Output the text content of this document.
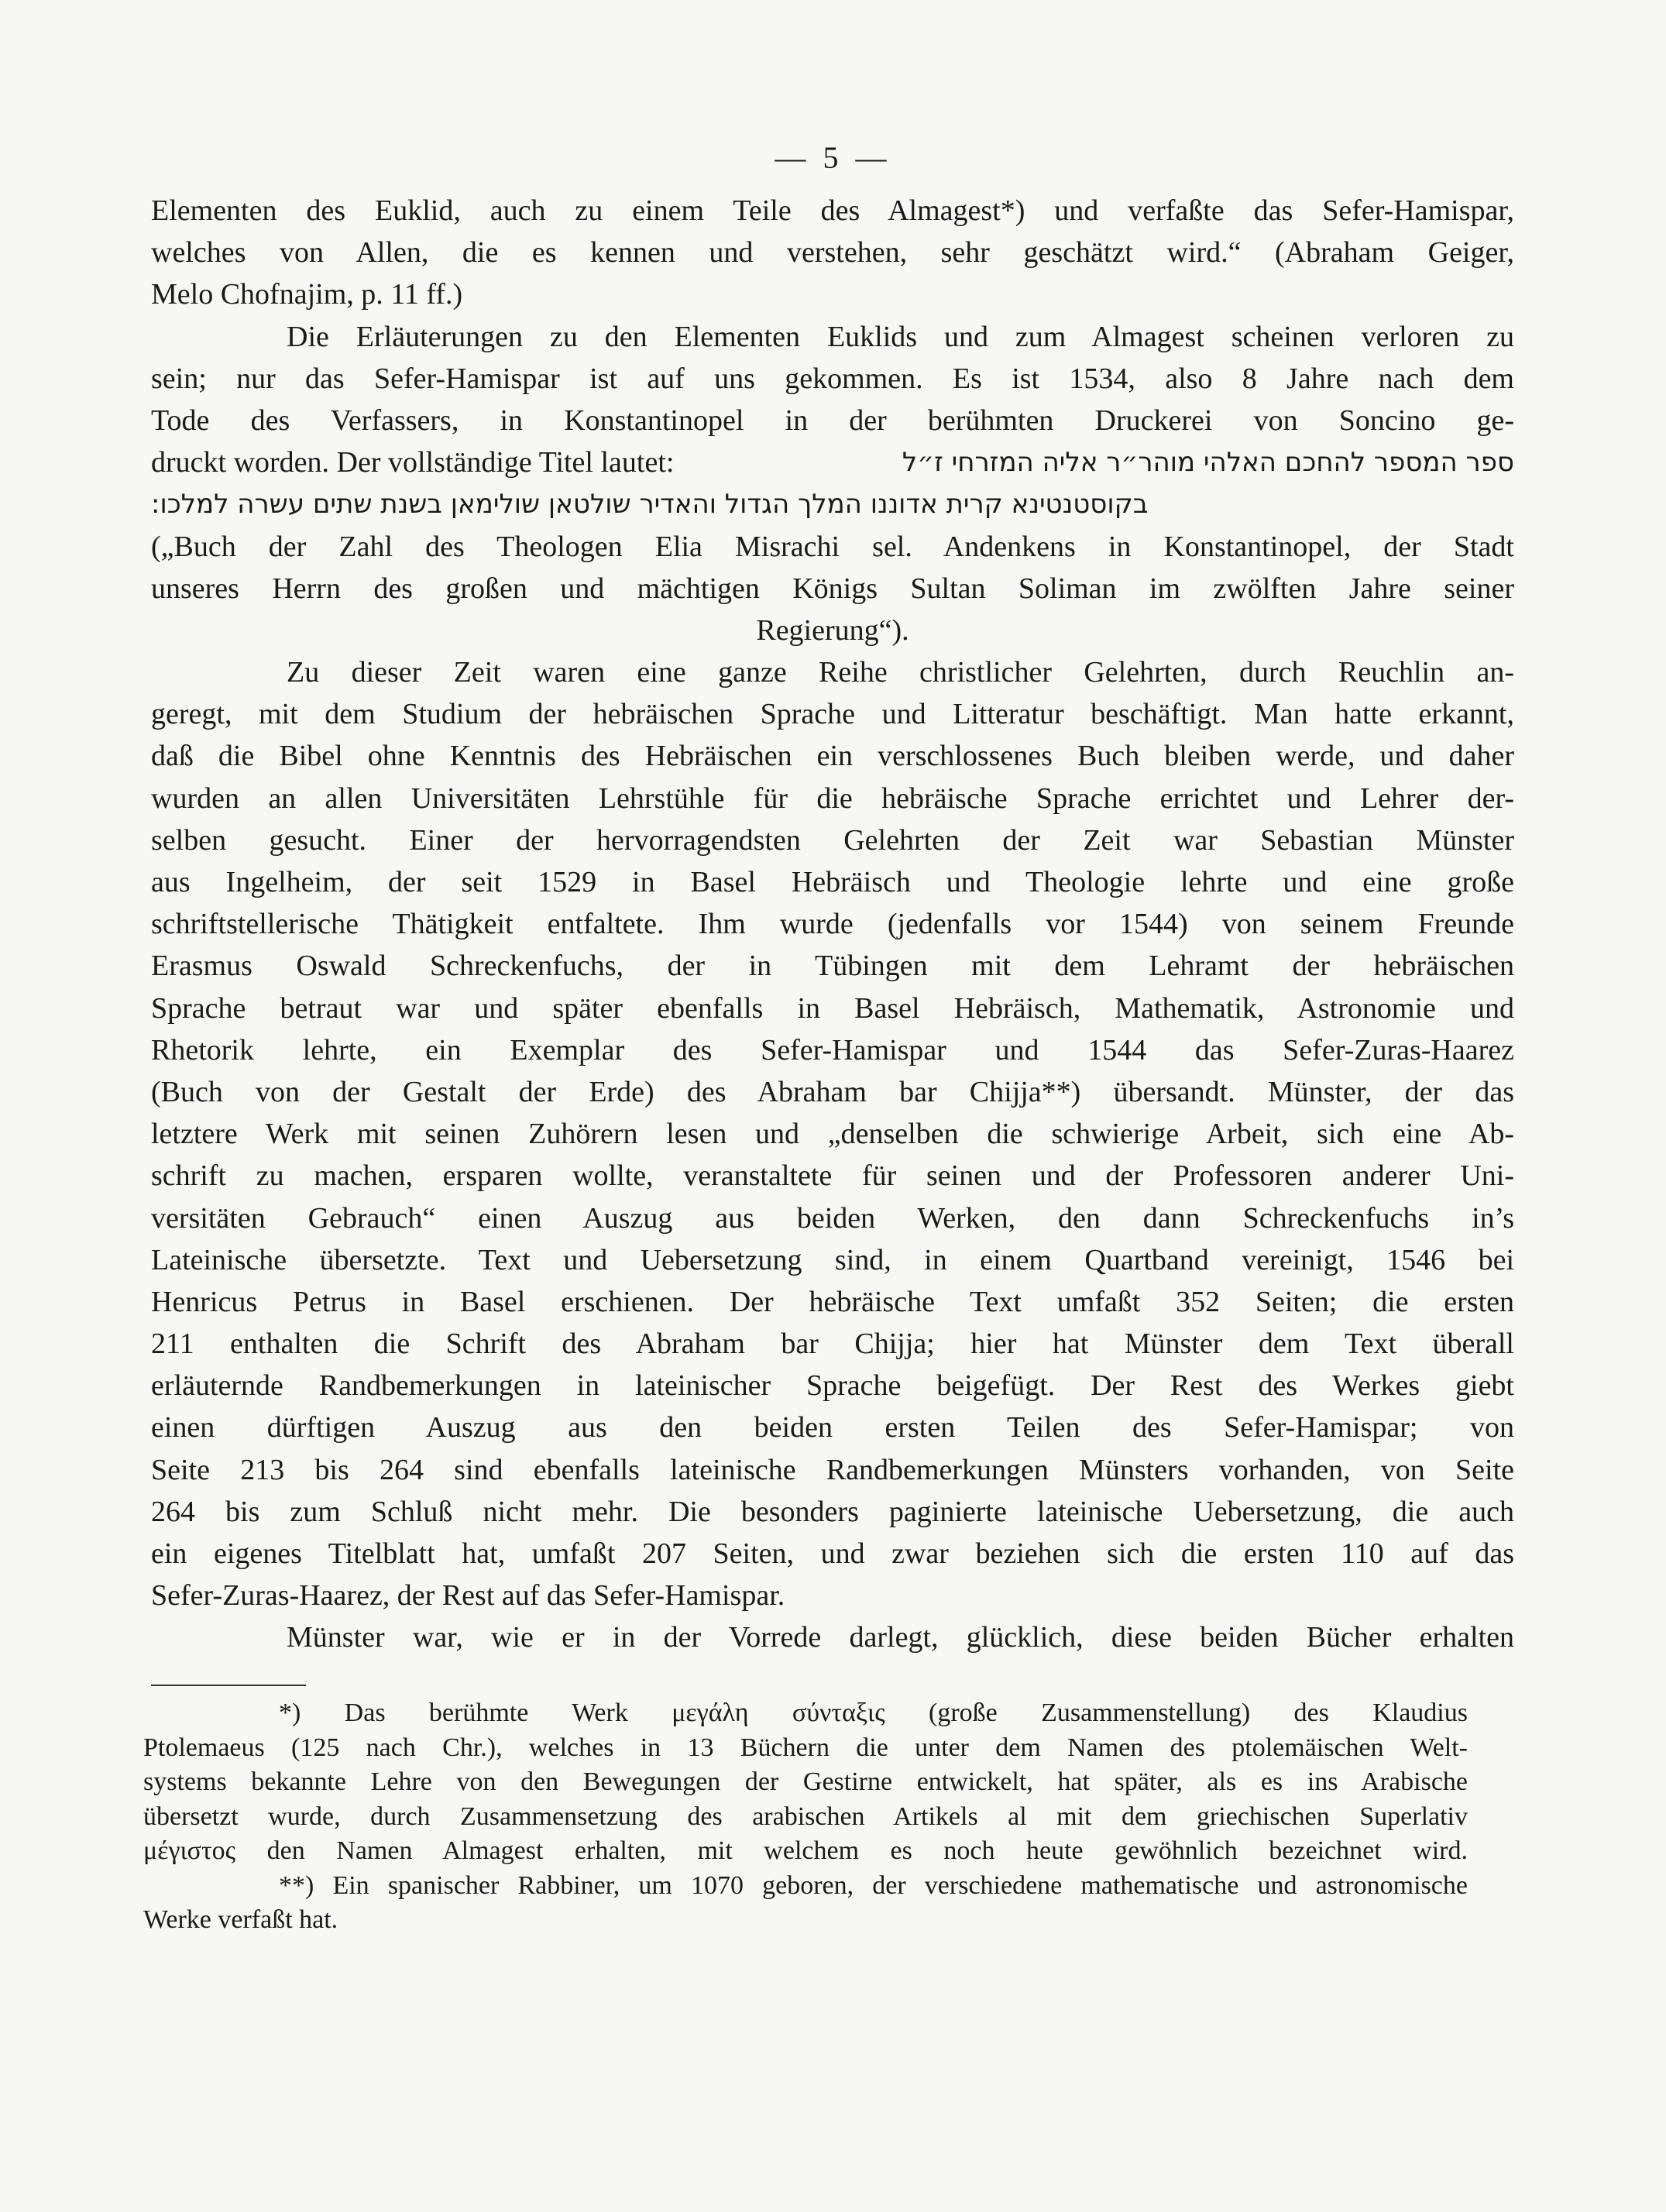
— 5 —
Elementen des Euklid, auch zu einem Teile des Almagest*) und verfaßte das Sefer-Hamispar,
welches von Allen, die es kennen und verstehen, sehr geschätzt wird.“ (Abraham Geiger,
Melo Chofnajim, p. 11 ff.)
Die Erläuterungen zu den Elementen Euklids und zum Almagest scheinen verloren zu
sein; nur das Sefer-Hamispar ist auf uns gekommen. Es ist 1534, also 8 Jahre nach dem
Tode des Verfassers, in Konstantinopel in der berühmten Druckerei von Soncino ge-
druckt worden. Der vollständige Titel lautet:	ספר המספר להחכם האלהי מוהר״ר אליה המזרחי ז״ל
בקוסטנטינא קרית אדוננו המלך הגדול והאדיר שולטאן שולימאן בשנת שתים עשרה למלכו:
(„Buch der Zahl des Theologen Elia Misrachi sel. Andenkens in Konstantinopel, der Stadt
unseres Herrn des großen und mächtigen Königs Sultan Soliman im zwölften Jahre seiner
Regierung“).
Zu dieser Zeit waren eine ganze Reihe christlicher Gelehrten, durch Reuchlin an-
geregt, mit dem Studium der hebräischen Sprache und Litteratur beschäftigt. Man hatte erkannt,
daß die Bibel ohne Kenntnis des Hebräischen ein verschlossenes Buch bleiben werde, und daher
wurden an allen Universitäten Lehrstühle für die hebräische Sprache errichtet und Lehrer der-
selben gesucht. Einer der hervorragendsten Gelehrten der Zeit war Sebastian Münster
aus Ingelheim, der seit 1529 in Basel Hebräisch und Theologie lehrte und eine große
schriftstellerische Thätigkeit entfaltete. Ihm wurde (jedenfalls vor 1544) von seinem Freunde
Erasmus Oswald Schreckenfuchs, der in Tübingen mit dem Lehramt der hebräischen
Sprache betraut war und später ebenfalls in Basel Hebräisch, Mathematik, Astronomie und
Rhetorik lehrte, ein Exemplar des Sefer-Hamispar und 1544 das Sefer-Zuras-Haarez
(Buch von der Gestalt der Erde) des Abraham bar Chijja**) übersandt. Münster, der das
letztere Werk mit seinen Zuhörern lesen und „denselben die schwierige Arbeit, sich eine Ab-
schrift zu machen, ersparen wollte, veranstaltete für seinen und der Professoren anderer Uni-
versitäten Gebrauch“ einen Auszug aus beiden Werken, den dann Schreckenfuchs in’s
Lateinische übersetzte. Text und Uebersetzung sind, in einem Quartband vereinigt, 1546 bei
Henricus Petrus in Basel erschienen. Der hebräische Text umfaßt 352 Seiten; die ersten
211 enthalten die Schrift des Abraham bar Chijja; hier hat Münster dem Text überall
erläuternde Randbemerkungen in lateinischer Sprache beigefügt. Der Rest des Werkes giebt
einen dürftigen Auszug aus den beiden ersten Teilen des Sefer-Hamispar; von
Seite 213 bis 264 sind ebenfalls lateinische Randbemerkungen Münsters vorhanden, von Seite
264 bis zum Schluß nicht mehr. Die besonders paginierte lateinische Uebersetzung, die auch
ein eigenes Titelblatt hat, umfaßt 207 Seiten, und zwar beziehen sich die ersten 110 auf das
Sefer-Zuras-Haarez, der Rest auf das Sefer-Hamispar.
Münster war, wie er in der Vorrede darlegt, glücklich, diese beiden Bücher erhalten
*) Das berühmte Werk μεγάλη σύνταξις (große Zusammenstellung) des Klaudius
Ptolemaeus (125 nach Chr.), welches in 13 Büchern die unter dem Namen des ptolemäischen Welt-
systems bekannte Lehre von den Bewegungen der Gestirne entwickelt, hat später, als es ins Arabische
übersetzt wurde, durch Zusammensetzung des arabischen Artikels al mit dem griechischen Superlativ
μέγιστος den Namen Almagest erhalten, mit welchem es noch heute gewöhnlich bezeichnet wird.
**) Ein spanischer Rabbiner, um 1070 geboren, der verschiedene mathematische und astronomische
Werke verfaßt hat.
